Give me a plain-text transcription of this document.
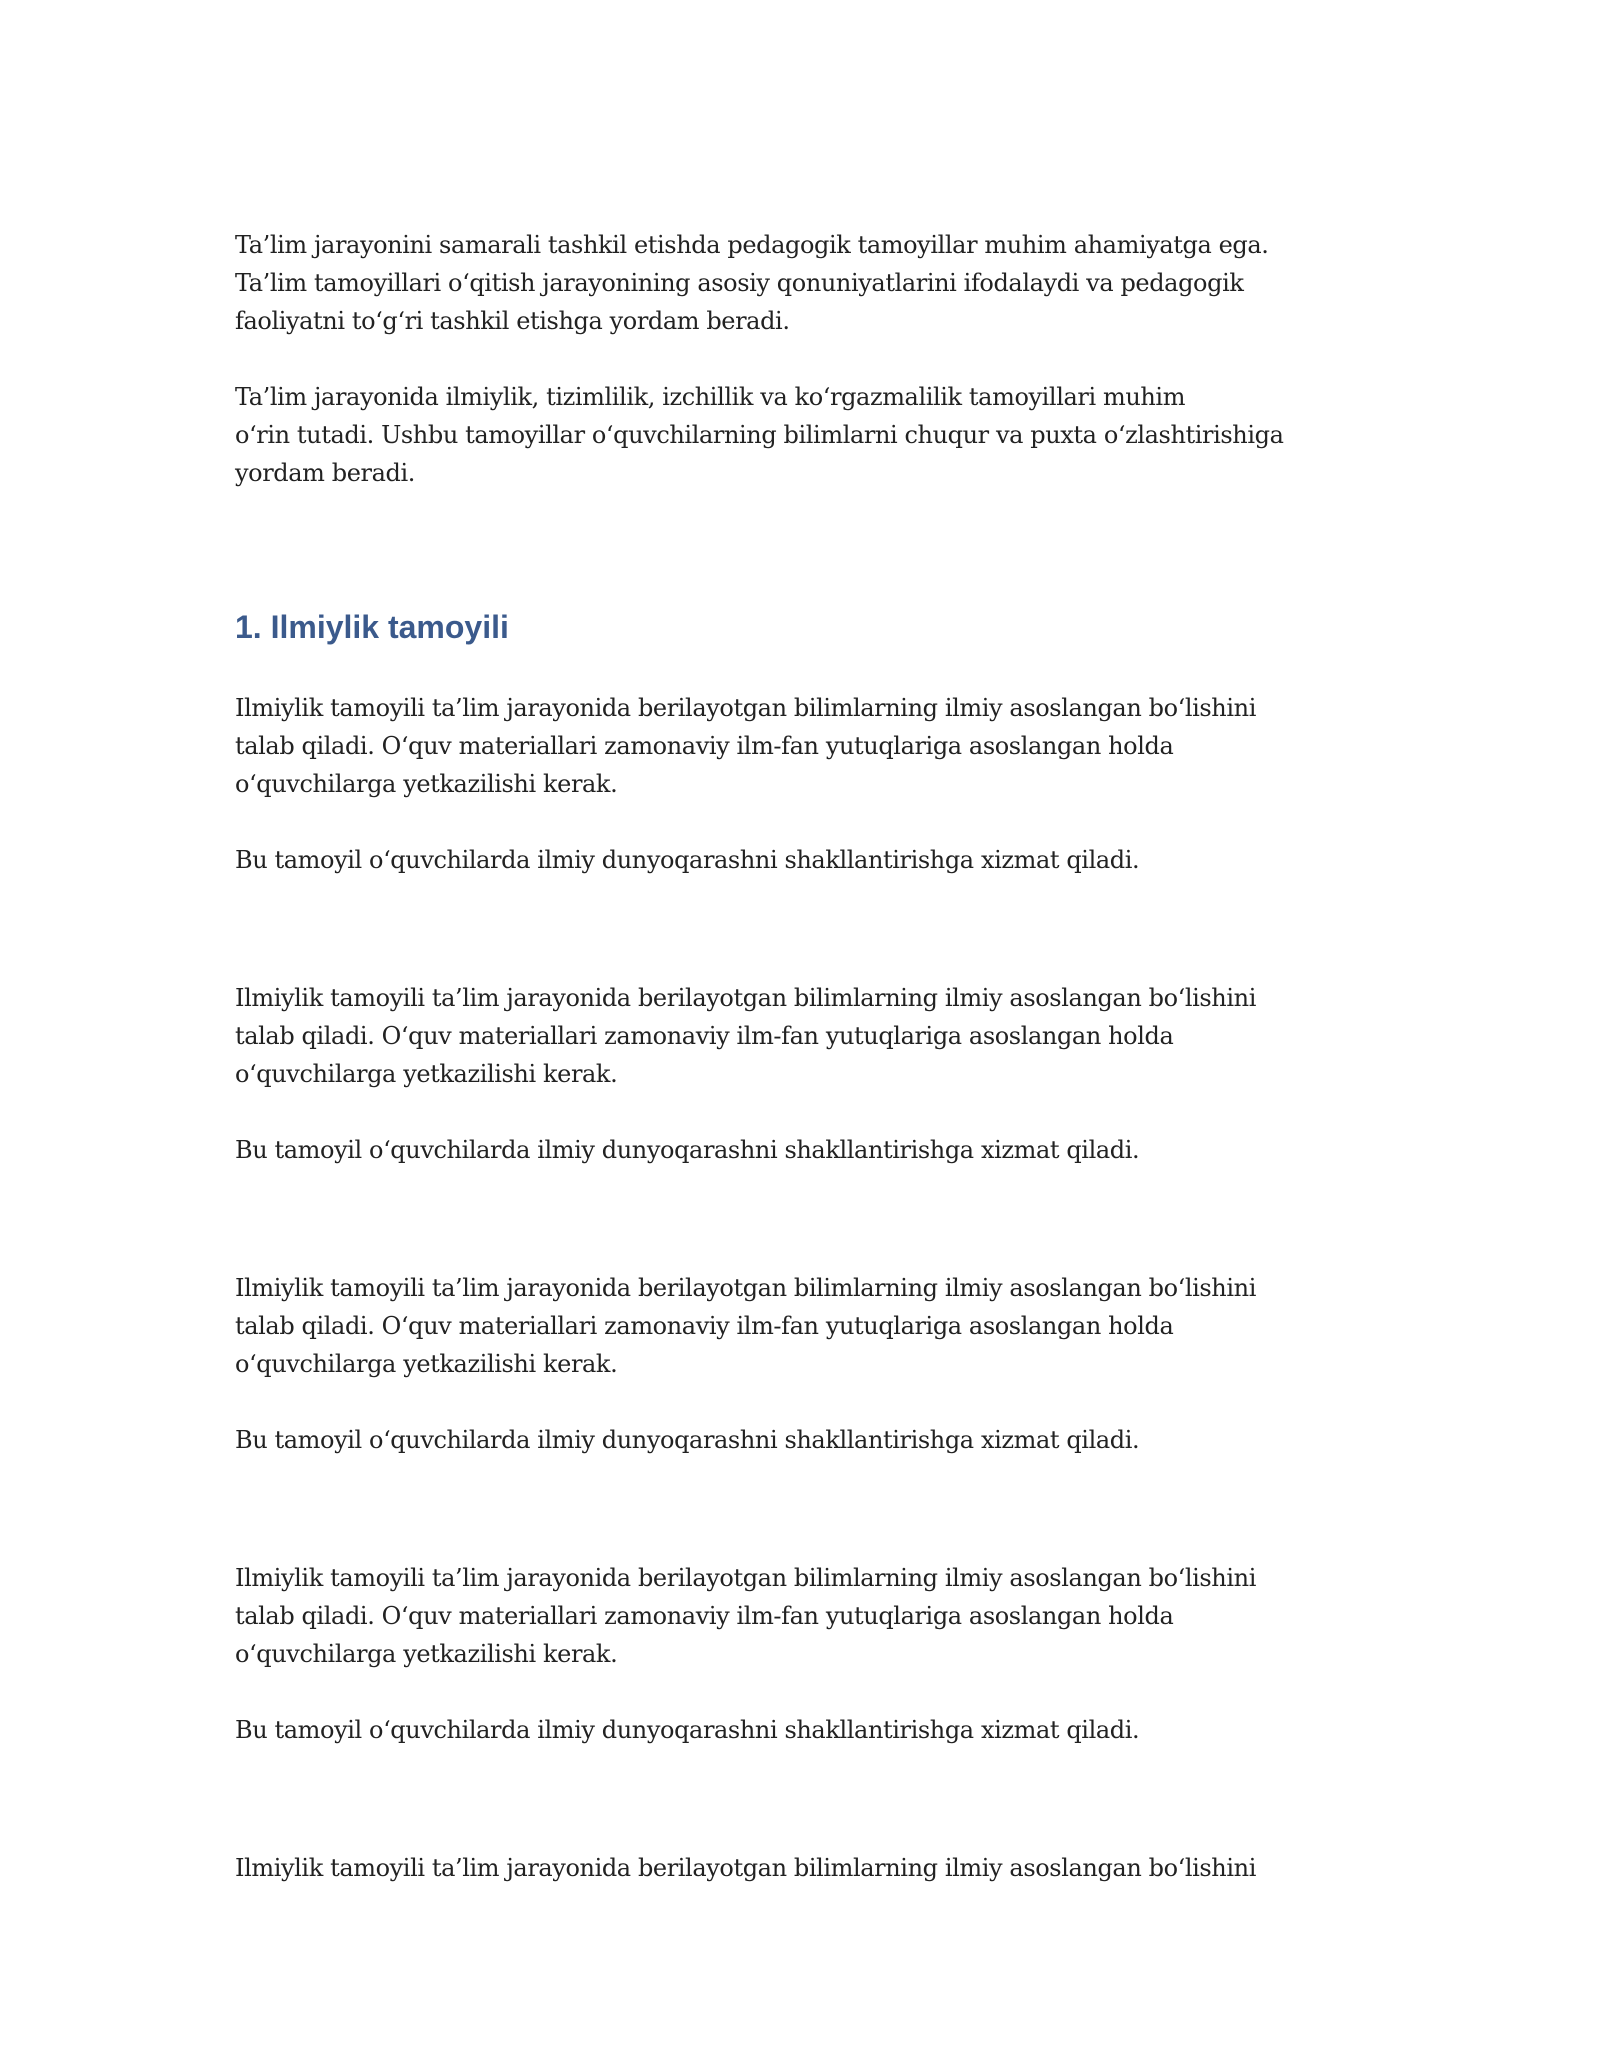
Ta’lim jarayonini samarali tashkil etishda pedagogik tamoyillar muhim ahamiyatga ega.
Ta’lim tamoyillari o‘qitish jarayonining asosiy qonuniyatlarini ifodalaydi va pedagogik
faoliyatni to‘g‘ri tashkil etishga yordam beradi.

Ta’lim jarayonida ilmiylik, tizimlilik, izchillik va ko‘rgazmalilik tamoyillari muhim
o‘rin tutadi. Ushbu tamoyillar o‘quvchilarning bilimlarni chuqur va puxta o‘zlashtirishiga
yordam beradi.

1. Ilmiylik tamoyili

Ilmiylik tamoyili ta’lim jarayonida berilayotgan bilimlarning ilmiy asoslangan bo‘lishini
talab qiladi. O‘quv materiallari zamonaviy ilm-fan yutuqlariga asoslangan holda
o‘quvchilarga yetkazilishi kerak.

Bu tamoyil o‘quvchilarda ilmiy dunyoqarashni shakllantirishga xizmat qiladi.

Ilmiylik tamoyili ta’lim jarayonida berilayotgan bilimlarning ilmiy asoslangan bo‘lishini
talab qiladi. O‘quv materiallari zamonaviy ilm-fan yutuqlariga asoslangan holda
o‘quvchilarga yetkazilishi kerak.

Bu tamoyil o‘quvchilarda ilmiy dunyoqarashni shakllantirishga xizmat qiladi.

Ilmiylik tamoyili ta’lim jarayonida berilayotgan bilimlarning ilmiy asoslangan bo‘lishini
talab qiladi. O‘quv materiallari zamonaviy ilm-fan yutuqlariga asoslangan holda
o‘quvchilarga yetkazilishi kerak.

Bu tamoyil o‘quvchilarda ilmiy dunyoqarashni shakllantirishga xizmat qiladi.

Ilmiylik tamoyili ta’lim jarayonida berilayotgan bilimlarning ilmiy asoslangan bo‘lishini
talab qiladi. O‘quv materiallari zamonaviy ilm-fan yutuqlariga asoslangan holda
o‘quvchilarga yetkazilishi kerak.

Bu tamoyil o‘quvchilarda ilmiy dunyoqarashni shakllantirishga xizmat qiladi.

Ilmiylik tamoyili ta’lim jarayonida berilayotgan bilimlarning ilmiy asoslangan bo‘lishini
